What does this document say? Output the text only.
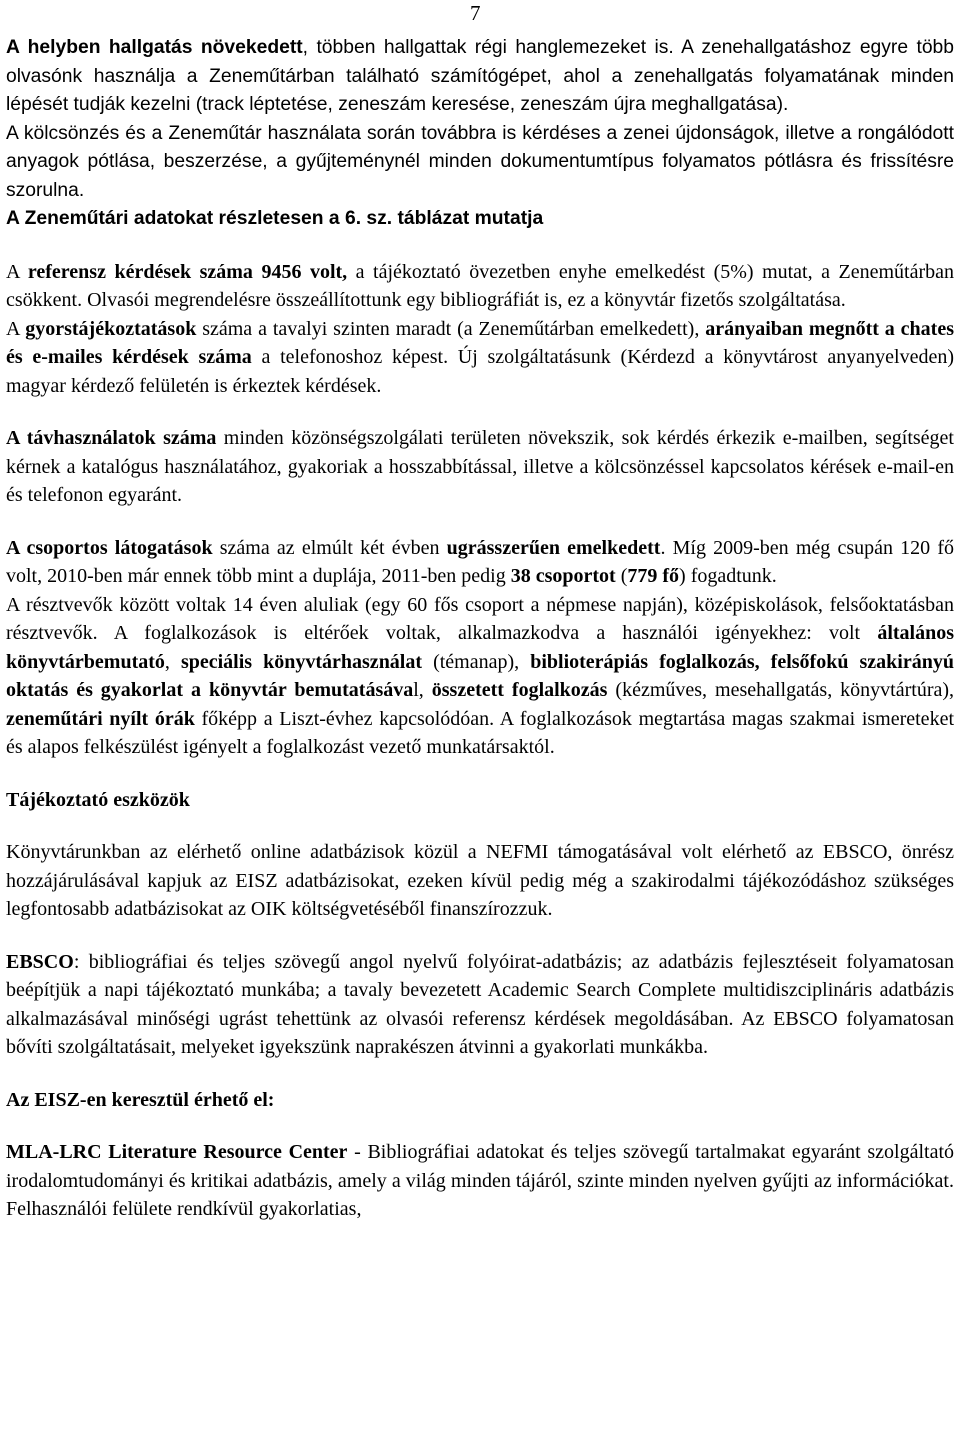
7

A helyben hallgatás növekedett, többen hallgattak régi hanglemezeket is. A zenehallgatáshoz egyre több olvasónk használja a Zeneműtárban található számítógépet, ahol a zenehallgatás folyamatának minden lépését tudják kezelni (track léptetése, zeneszám keresése, zeneszám újra meghallgatása).

A kölcsönzés és a Zeneműtár használata során továbbra is kérdéses a zenei újdonságok, illetve a rongálódott anyagok pótlása, beszerzése, a gyűjteménynél minden dokumentumtípus folyamatos pótlásra és frissítésre szorulna.

A Zeneműtári adatokat részletesen a 6. sz. táblázat mutatja

A referensz kérdések száma 9456 volt, a tájékoztató övezetben enyhe emelkedést (5%) mutat, a Zeneműtárban csökkent. Olvasói megrendelésre összeállítottunk egy bibliográfiát is, ez a könyvtár fizetős szolgáltatása.

A gyorstájékoztatások száma a tavalyi szinten maradt (a Zeneműtárban emelkedett), arányaiban megnőtt a chates és e-mailes kérdések száma a telefonoshoz képest. Új szolgáltatásunk (Kérdezd a könyvtárost anyanyelveden) magyar kérdező felületén is érkeztek kérdések.

A távhasználatok száma minden közönségszolgálati területen növekszik, sok kérdés érkezik e-mailben, segítséget kérnek a katalógus használatához, gyakoriak a hosszabbítással, illetve a kölcsönzéssel kapcsolatos kérések e-mail-en és telefonon egyaránt.

A csoportos látogatások száma az elmúlt két évben ugrásszerűen emelkedett. Míg 2009-ben még csupán 120 fő volt, 2010-ben már ennek több mint a duplája, 2011-ben pedig 38 csoportot (779 fő) fogadtunk.

A résztvevők között voltak 14 éven aluliak (egy 60 fős csoport a népmese napján), középiskolások, felsőoktatásban résztvevők. A foglalkozások is eltérőek voltak, alkalmazkodva a használói igényekhez: volt általános könyvtárbemutató, speciális könyvtárhasználat (témanap), biblioterápiás foglalkozás, felsőfokú szakirányú oktatás és gyakorlat a könyvtár bemutatásával, összetett foglalkozás (kézműves, mesehallgatás, könyvtártúra), zeneműtári nyílt órák főképp a Liszt-évhez kapcsolódóan. A foglalkozások megtartása magas szakmai ismereteket és alapos felkészülést igényelt a foglalkozást vezető munkatársaktól.

Tájékoztató eszközök

Könyvtárunkban az elérhető online adatbázisok közül a NEFMI támogatásával volt elérhető az EBSCO, önrész hozzájárulásával kapjuk az EISZ adatbázisokat, ezeken kívül pedig még a szakirodalmi tájékozódáshoz szükséges legfontosabb adatbázisokat az OIK költségvetéséből finanszírozzuk.

EBSCO: bibliográfiai és teljes szövegű angol nyelvű folyóirat-adatbázis; az adatbázis fejlesztéseit folyamatosan beépítjük a napi tájékoztató munkába; a tavaly bevezetett Academic Search Complete multidiszciplináris adatbázis alkalmazásával minőségi ugrást tehettünk az olvasói referensz kérdések megoldásában. Az EBSCO folyamatosan bővíti szolgáltatásait, melyeket igyekszünk naprakészen átvinni a gyakorlati munkákba.

Az EISZ-en keresztül érhető el:

MLA-LRC Literature Resource Center - Bibliográfiai adatokat és teljes szövegű tartalmakat egyaránt szolgáltató irodalomtudományi és kritikai adatbázis, amely a világ minden tájáról, szinte minden nyelven gyűjti az információkat. Felhasználói felülete rendkívül gyakorlatias,
